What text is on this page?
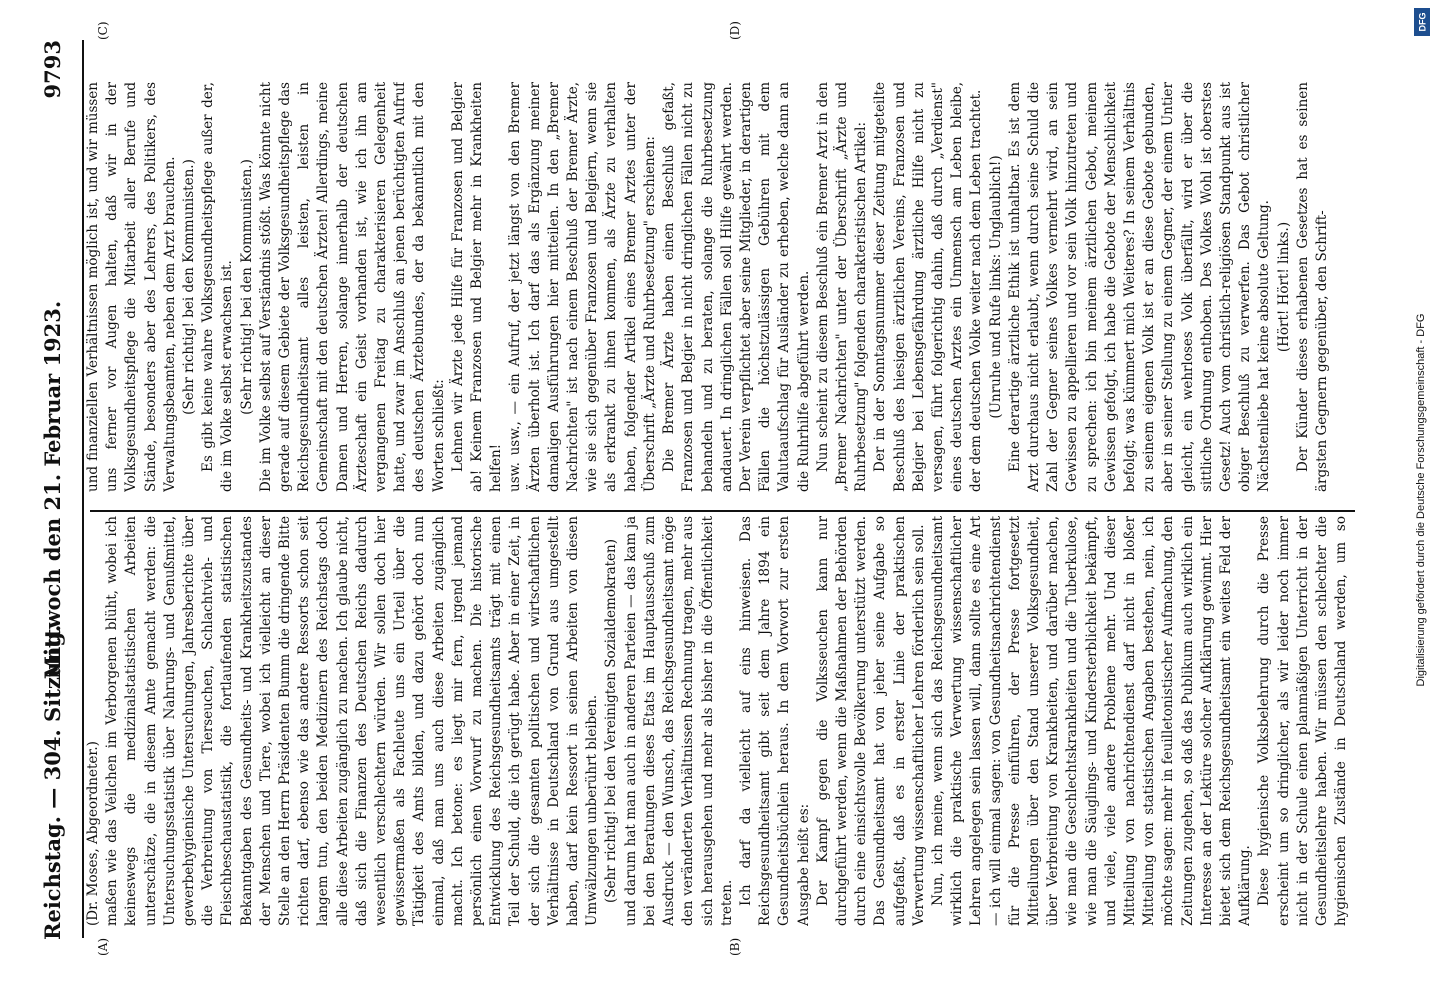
Reichstag. — 304. Sitzung.
Mittwoch den 21. Februar 1923.
9793
(A)	(B)
(C)	(D)

(Dr. Moses, Abgeordneter.) maßen wie das Veilchen im Verborgenen blüht, wobei ich keineswegs die medizinalstatistischen Arbeiten unterschätze, die in diesem Amte gemacht werden: die Untersuchungsstatistik über Nahrungs- und Genußmittel, gewerbehygienische Untersuchungen, Jahresberichte über die Verbreitung von Tierseuchen, Schlachtvieh- und Fleischbeschaustatistik, die fortlaufenden statistischen Bekanntgaben des Gesundheits- und Krankheitszustandes der Menschen und Tiere, wobei ich vielleicht an dieser Stelle an den Herrn Präsidenten Bumm die dringende Bitte richten darf, ebenso wie das andere Ressorts schon seit langem tun, den beiden Medizinern des Reichstags doch alle diese Arbeiten zugänglich zu machen. Ich glaube nicht, daß sich die Finanzen des Deutschen Reichs dadurch wesentlich verschlechtern würden. Wir sollen doch hier gewissermaßen als Fachleute uns ein Urteil über die Tätigkeit des Amts bilden, und dazu gehört doch nun einmal, daß man uns auch diese Arbeiten zugänglich macht. Ich betone: es liegt mir fern, irgend jemand persönlich einen Vorwurf zu machen. Die historische Entwicklung des Reichsgesundheitsamts trägt mit einen Teil der Schuld, die ich gerügt habe. Aber in einer Zeit, in der sich die gesamten politischen und wirtschaftlichen Verhältnisse in Deutschland von Grund aus umgestellt haben, darf kein Ressort in seinen Arbeiten von diesen Umwälzungen unberührt bleiben. (Sehr richtig! bei den Vereinigten Sozialdemokraten) und darum hat man auch in anderen Parteien — das kam ja bei den Beratungen dieses Etats im Hauptausschuß zum Ausdruck — den Wunsch, das Reichsgesundheitsamt möge den veränderten Verhältnissen Rechnung tragen, mehr aus sich herausgehen und mehr als bisher in die Öffentlichkeit treten. Ich darf da vielleicht auf eins hinweisen. Das Reichsgesundheitsamt gibt seit dem Jahre 1894 ein Gesundheitsbüchlein heraus. In dem Vorwort zur ersten Ausgabe heißt es: Der Kampf gegen die Volksseuchen kann nur durchgeführt werden, wenn die Maßnahmen der Behörden durch eine einsichtsvolle Bevölkerung unterstützt werden. Das Gesundheitsamt hat von jeher seine Aufgabe so aufgefaßt, daß es in erster Linie der praktischen Verwertung wissenschaftlicher Lehren förderlich sein soll. Nun, ich meine, wenn sich das Reichsgesundheitsamt wirklich die praktische Verwertung wissenschaftlicher Lehren angelegen sein lassen will, dann sollte es eine Art — ich will einmal sagen: von Gesundheitsnachrichtendienst für die Presse einführen, der Presse fortgesetzt Mitteilungen über den Stand unserer Volksgesundheit, über Verbreitung von Krankheiten, und darüber machen, wie man die Geschlechtskrankheiten und die Tuberkulose, wie man die Säuglings- und Kindersterblichkeit bekämpft, und viele, viele andere Probleme mehr. Und dieser Mitteilung von nachrichtendienst darf nicht in bloßer Mitteilung von statistischen Angaben bestehen, nein, ich möchte sagen: mehr in feuilletonistischer Aufmachung, den Zeitungen zugehen, so daß das Publikum auch wirklich ein Interesse an der Lektüre solcher Aufklärung gewinnt. Hier bietet sich dem Reichsgesundheitsamt ein weites Feld der Aufklärung. Diese hygienische Volksbelehrung durch die Presse erscheint um so dringlicher, als wir leider noch immer nicht in der Schule einen planmäßigen Unterricht in der Gesundheitslehre haben. Wir müssen den schlechter die hygienischen Zustände in Deutschland werden, um so

und finanziellen Verhältnissen möglich ist, und wir müssen uns ferner vor Augen halten, daß wir in der Volksgesundheitspflege die Mitarbeit aller Berufe und Stände, besonders aber des Lehrers, des Politikers, des Verwaltungsbeamten, neben dem Arzt brauchen. (Sehr richtig! bei den Kommunisten.) Es gibt keine wahre Volksgesundheitspflege außer der, die im Volke selbst erwachsen ist. (Sehr richtig! bei den Kommunisten.) Die im Volke selbst auf Verständnis stößt. Was könnte nicht gerade auf diesem Gebiete der Volksgesundheitspflege das Reichsgesundheitsamt alles leisten, leisten in Gemeinschaft mit den deutschen Ärzten! Allerdings, meine Damen und Herren, solange innerhalb der deutschen Ärzteschaft ein Geist vorhanden ist, wie ich ihn am vergangenen Freitag zu charakterisieren Gelegenheit hatte, und zwar im Anschluß an jenen berüchtigten Aufruf des deutschen Ärztebundes, der da bekanntlich mit den Worten schließt: Lehnen wir Ärzte jede Hilfe für Franzosen und Belgier ab! Keinem Franzosen und Belgier mehr in Krankheiten helfen! usw. usw., — ein Aufruf, der jetzt längst von den Bremer Ärzten überholt ist. Ich darf das als Ergänzung meiner damaligen Ausführungen hier mitteilen. In den „Bremer Nachrichten" ist nach einem Beschluß der Bremer Ärzte, wie sie sich gegenüber Franzosen und Belgiern, wenn sie als erkrankt zu ihnen kommen, als Ärzte zu verhalten haben, folgender Artikel eines Bremer Arztes unter der Überschrift „Ärzte und Ruhrbesetzung" erschienen: Die Bremer Ärzte haben einen Beschluß gefaßt, Franzosen und Belgier in nicht dringlichen Fällen nicht zu behandeln und zu beraten, solange die Ruhrbesetzung andauert. In dringlichen Fällen soll Hilfe gewährt werden. Der Verein verpflichtet aber seine Mitglieder, in derartigen Fällen die höchstzulässigen Gebühren mit dem Valutaaufschlag für Ausländer zu erheben, welche dann an die Ruhrhilfe abgeführt werden. Nun scheint zu diesem Beschluß ein Bremer Arzt in den „Bremer Nachrichten" unter der Überschrift „Ärzte und Ruhrbesetzung" folgenden charakteristischen Artikel: Der in der Sonntagsnummer dieser Zeitung mitgeteilte Beschluß des hiesigen ärztlichen Vereins, Franzosen und Belgier bei Lebensgefährdung ärztliche Hilfe nicht zu versagen, führt folgerichtig dahin, daß durch „Verdienst" eines deutschen Arztes ein Unmensch am Leben bleibe, der dem deutschen Volke weiter nach dem Leben trachtet. (Unruhe und Rufe links: Unglaublich!) Eine derartige ärztliche Ethik ist unhaltbar. Es ist dem Arzt durchaus nicht erlaubt, wenn durch seine Schuld die Zahl der Gegner seines Volkes vermehrt wird, an sein Gewissen zu appellieren und vor sein Volk hinzutreten und zu sprechen: ich bin meinem ärztlichen Gebot, meinem Gewissen gefolgt, ich habe die Gebote der Menschlichkeit befolgt; was kümmert mich Weiteres? In seinem Verhältnis zu seinem eigenen Volk ist er an diese Gebote gebunden, aber in seiner Stellung zu einem Gegner, der einem Untier gleicht, ein wehrloses Volk überfällt, wird er über die sittliche Ordnung enthoben. Des Volkes Wohl ist oberstes Gesetz! Auch vom christlich-religiösen Standpunkt aus ist obiger Beschluß zu verwerfen. Das Gebot christlicher Nächstenliebe hat keine absolute Geltung. (Hört! Hört! links.) Der Künder dieses erhabenen Gesetzes hat es seinen ärgsten Gegnern gegenüber, den Schrift-	Digitalisierung gefördert durch die Deutsche Forschungsgemeinschaft - DFG
DFG
